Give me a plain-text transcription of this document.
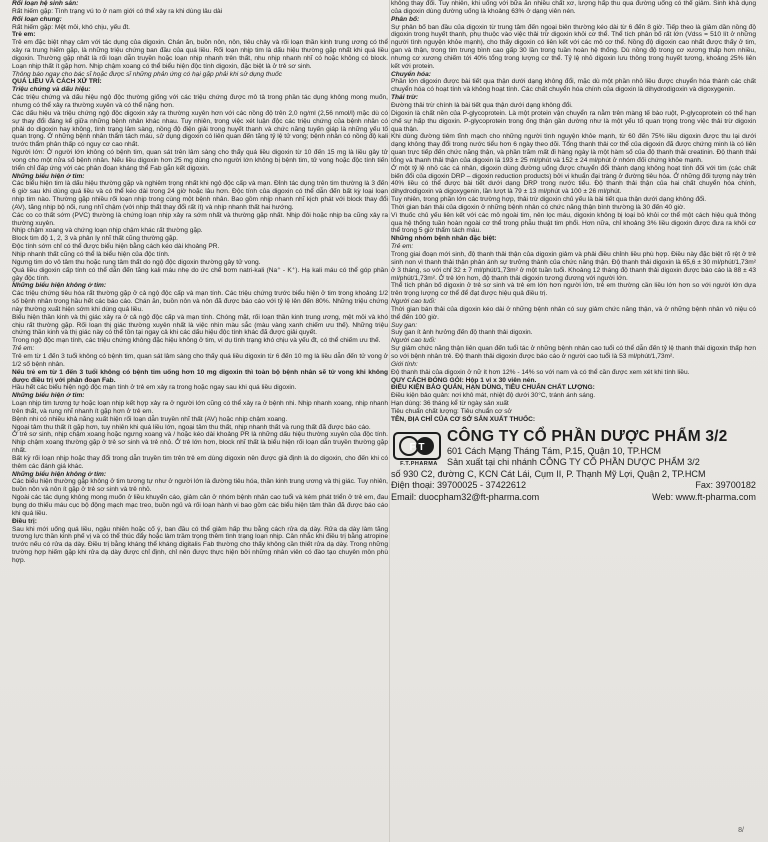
Rối loạn hệ sinh sản:

Rất hiếm gặp: Tình trạng vú to ở nam giới có thể xảy ra khi dùng lâu dài

Rối loạn chung:

Rất hiếm gặp: Mệt mỏi, khó chịu, yếu đt.

Trẻ em:

Trẻ em đặc biệt nhạy cảm với tác dụng của digoxin. Chán ăn, buồn nôn, nôn, tiêu chảy và rối loạn thần kinh trung ương có thể xảy ra trung hiếm gặp, là những triệu chứng ban đầu của quá liều. Rối loạn nhịp tim là dấu hiệu thường gặp nhất khi quá liều digoxin. Thường gặp nhất là rối loạn dẫn truyền hoặc loạn nhịp nhanh trên thất, nhu nhịp nhanh nhĩ có hoặc không có block. Loạn nhịp thất ít gặp hơn. Nhịp chậm xoang có thể biểu hiện độc tính digoxin, đặc biệt là ở trẻ sơ sinh.

Thông báo ngay cho bác sĩ hoặc được sĩ những phản ứng có hại gặp phải khi sử dụng thuốc

QUÁ LIỀU VÀ CÁCH XỬ TRÍ:

Triệu chứng và dấu hiệu:

Các triệu chứng và dấu hiệu ngộ độc thường giống với các triệu chứng được mô tả trong phần tác dụng không mong muốn, nhưng có thể xảy ra thường xuyên và có thể nặng hơn.

Các dấu hiệu và triệu chứng ngộ độc digoxin xảy ra thường xuyên hơn với các nồng độ trên 2,0 ng/ml (2,56 nmol/l) mặc dù có sự thay đổi đáng kể giữa những bệnh nhân khác nhau. Tuy nhiên, trong việc xét luận độc các triệu chứng của bệnh nhân có phải do digoxin hay không, tình trạng lâm sàng, nồng độ điện giải trong huyết thanh và chức năng tuyến giáp là những yếu tố quan trọng. Ở những bệnh nhân thẩm tách máu, sử dụng digoxin có liên quan đến tăng tỷ lệ tử vong; bệnh nhân có nồng độ kali trước thẩm phân thấp có nguy cơ cao nhất.

Người lớn: Ở người lớn không có bệnh tim, quan sát trên lâm sàng cho thấy quá liều digoxin từ 10 đến 15 mg là liều gây tử vong cho một nửa số bệnh nhân. Nếu liều digoxin hơn 25 mg dùng cho người lớn không bị bệnh tim, tử vong hoặc độc tính tiến triển chỉ đáp ứng với các phân đoạn kháng thể Fab gắn kết digoxin.

Những biểu hiện ở tim:

Các biểu hiện tim là dấu hiệu thường gặp và nghiêm trọng nhất khi ngộ độc cấp và mạn. Đỉnh tác dụng trên tim thường là 3 đến 6 giờ sau khi dùng quá liều và có thể kéo dài trong 24 giờ hoặc lâu hơn. Độc tính của digoxin có thể dẫn đến bất kỳ loại loạn nhịp tim nào. Thường gặp nhiều rối loạn nhịp trong cùng một bệnh nhân. Bao gồm nhịp nhanh nhĩ kịch phát với block thay đổi (AV), tăng nhịp bộ nối, rung nhĩ chậm (với nhịp thất thay đổi rất ít) và nhịp nhanh thất hai hướng.

Các co co thất sớm (PVC) thường là chứng loạn nhịp xảy ra sớm nhất và thường gặp nhất. Nhịp đôi hoặc nhịp ba cũng xảy ra thường xuyên.

Nhịp chậm xoang và chứng loạn nhịp chậm khác rất thường gặp.

Block tim độ 1, 2, 3 và phân ly nhĩ thất cũng thường gặp.

Độc tính sớm chỉ có thể được biểu hiện bằng cách kéo dài khoảng PR.

Nhịp nhanh thất cũng có thể là biểu hiện của độc tính.

Ngưng tim do vô tâm thu hoặc rung tâm thất do ngộ độc digoxin thường gây tử vong.

Quá liều digoxin cấp tính có thể dẫn đến tăng kali máu nhẹ do ức chế bơm natri-kali (Na⁺ - K⁺). Hạ kali máu có thể góp phần gây độc tính.

Những biểu hiện không ở tim:

Các triệu chứng tiêu hóa rất thường gặp ở cả ngộ độc cấp và mạn tính. Các triệu chứng trước biểu hiện ở tim trong khoảng 1/2 số bệnh nhân trong hầu hết các báo cáo. Chán ăn, buồn nôn và nôn đã được báo cáo với tỷ lệ lên đến 80%. Những triệu chứng này thường xuất hiện sớm khi dùng quá liều.

Biểu hiện thần kinh và thị giác xảy ra ở cả ngộ độc cấp và mạn tính. Chóng mặt, rối loạn thần kinh trung ương, mệt mỏi và khó chịu rất thường gặp. Rối loạn thị giác thường xuyên nhất là việc nhìn màu sắc (màu vàng xanh chiếm ưu thế). Những triệu chứng thần kinh và thị giác này có thể tồn tại ngay cả khi các dấu hiệu độc tính khác đã được giải quyết.

Trong ngộ độc mạn tính, các triệu chứng không đặc hiệu không ở tim, ví dụ tình trạng khó chịu và yếu đt, có thể chiếm ưu thế.

Trẻ em:

Trẻ em từ 1 đến 3 tuổi không có bệnh tim, quan sát lâm sàng cho thấy quá liều digoxin từ 6 đến 10 mg là liều dẫn đến tử vong ở 1/2 số bệnh nhân.

Nếu trẻ em từ 1 đến 3 tuổi không có bệnh tim uống hơn 10 mg digoxin thì toàn bộ bệnh nhân sẽ tử vong khi không được điều trị với phân đoạn Fab.

Hầu hết các biểu hiện ngộ độc mạn tính ở trẻ em xảy ra trong hoặc ngay sau khi quá liều digoxin.

Những biểu hiện ở tim:

Loạn nhịp tim tương tự hoặc loạn nhịp kết hợp xảy ra ở người lớn cũng có thể xảy ra ở bệnh nhi. Nhịp nhanh xoang, nhịp nhanh trên thất, và rung nhĩ nhanh ít gặp hơn ở trẻ em.

Bệnh nhi có nhiều khả năng xuất hiện rối loạn dẫn truyền nhĩ thất (AV) hoặc nhịp chậm xoang.

Ngoại tâm thu thất ít gặp hơn, tuy nhiên khi quá liều lớn, ngoại tâm thu thất, nhịp nhanh thất và rung thất đã được báo cáo.

Ở trẻ sơ sinh, nhịp chậm xoang hoặc ngưng xoang và / hoặc kéo dài khoảng PR là những dấu hiệu thường xuyên của độc tính. Nhịp chậm xoang thường gặp ở trẻ sơ sinh và trẻ nhỏ. Ở trẻ lớn hơn, block nhĩ thất là biểu hiện rối loạn dẫn truyền thường gặp nhất.

Bất kỳ rối loạn nhịp hoặc thay đổi trong dẫn truyền tim trên trẻ em dùng digoxin nên được giả định là do digoxin, cho đến khi có thêm các đánh giá khác.

Những biểu hiện không ở tim:

Các biểu hiện thường gặp không ở tim tương tự như ở người lớn là đường tiêu hóa, thần kinh trung ương và thị giác. Tuy nhiên, buồn nôn và nôn ít gặp ở trẻ sơ sinh và trẻ nhỏ.

Ngoài các tác dụng không mong muốn ở liều khuyến cáo, giảm cân ở nhóm bệnh nhân cao tuổi và kém phát triển ở trẻ em, đau bụng do thiếu máu cục bộ động mạch mạc treo, buồn ngủ và rối loạn hành vi bao gồm các biểu hiện tâm thần đã được báo cáo khi quá liều.

Điều trị:

Sau khi mới uống quá liều, ngậu nhiên hoặc cố ý, ban đầu có thể giảm hấp thu bằng cách rửa dạ dày. Rửa dạ dày làm tăng trương lực thần kinh phế vị và có thể thúc đẩy hoặc làm trầm trọng thêm tình trạng loạn nhịp. Cân nhắc khi điều trị bằng atropine trước nếu có rửa dạ dày. Điều trị bằng kháng thể kháng digitalis Fab thường cho thấy không cần thiết rửa dạ dày. Trong những trường hợp hiếm gặp khi rửa dạ dày được chỉ định, chỉ nên được thực hiện bởi những nhân viên có đào tạo chuyên môn phù hợp.

không thay đổi. Tuy nhiên, khi uống với bữa ăn nhiều chất xơ, lượng hấp thu qua đường uống có thể giảm. Sinh khả dụng của digoxin dùng đường uống là khoảng 63% ở dạng viên nén.

Phân bố:

Sự phân bố ban đầu của digoxin từ trung tâm đến ngoại biên thường kéo dài từ 6 đến 8 giờ. Tiếp theo là giảm dần nồng độ digoxin trong huyết thanh, phụ thuộc vào việc thải trừ digoxin khỏi cơ thể. Thể tích phân bố rất lớn (Vdss = 510 lít ở những người tình nguyện khỏe mạnh), cho thấy digoxin có liên kết với các mô cơ thể. Nồng độ digoxin cao nhất được thấy ở tim, gan và thận, trong tim trung bình cao gấp 30 lần trong tuần hoàn hệ thống. Dù nồng độ trong cơ xương thấp hơn nhiều, nhưng cơ xương chiếm tới 40% tổng trong lượng cơ thể. Tỷ lệ nhỏ digoxin lưu thông trong huyết tương, khoảng 25% liên kết với protein.

Chuyển hóa:

Phần lớn digoxin được bài tiết qua thận dưới dạng không đổi, mặc dù một phần nhỏ liều được chuyển hóa thành các chất chuyển hóa có hoạt tính và không hoạt tính. Các chất chuyển hóa chính của digoxin là dihydrodigoxin và digoxygenin.

Thải trừ:

Đường thải trừ chính là bài tiết qua thận dưới dạng không đổi.

Digoxin là chất nền của P-glycoprotein. Là một protein vận chuyển ra nằm trên màng tế bào ruột, P-glycoprotein có thể hạn chế sự hấp thu digoxin. P-glycoprotein trong ống thận gần dường như là một yếu tố quan trọng trong việc thải trừ digoxin qua thận.

Khi dùng đường tiêm tĩnh mạch cho những người tình nguyện khỏe mạnh, từ 60 đến 75% liều digoxin được thu lại dưới dạng không thay đổi trong nước tiểu hơn 6 ngày theo dõi. Tổng thanh thải cơ thể của digoxin đã được chứng minh là có liên quan trực tiếp đến chức năng thận, và phần trăm mất đi hàng ngày là một hàm số của độ thanh thải creatinin. Độ thanh thải tổng và thanh thải thận của digoxin là 193 ± 25 ml/phút và 152 ± 24 ml/phút ở nhóm đối chứng khỏe mạnh.

Ở một tỷ lệ nhỏ các cá nhân, digoxin dùng đường uống được chuyển đổi thành dạng không hoạt tính đối với tim (các chất biến đổi của digoxin DRP – digoxin reduction products) bởi vi khuẩn đại tràng ở đường tiêu hóa. Ở những đối tượng này trên 40% liều có thể được bài tiết dưới dạng DRP trong nước tiểu. Độ thanh thải thận của hai chất chuyển hóa chính, dihydrodigoxin và digoxygenin, lần lượt là 79 ± 13 ml/phút và 100 ± 26 ml/phút.

Tuy nhiên, trong phần lớn các trường hợp, thải trừ digoxin chủ yếu là bài tiết qua thận dưới dạng không đổi.

Thời gian bán thải của digoxin ở những bệnh nhân có chức năng thận bình thường là 30 đến 40 giờ.

Vì thuốc chủ yếu liên kết với các mô ngoài tim, nên lọc máu, digoxin không bị loại bỏ khỏi cơ thể một cách hiệu quả thông qua hệ thống tuần hoàn ngoài cơ thể trong phẫu thuật tim phổi. Hơn nữa, chỉ khoảng 3% liều digoxin được đưa ra khỏi cơ thể trong 5 giờ thẩm tách máu.

Những nhóm bệnh nhân đặc biệt:

Trẻ em:

Trong giai đoạn mới sinh, độ thanh thải thận của digoxin giảm và phải điều chỉnh liều phù hợp. Điều này đặc biệt rõ rệt ở trẻ sinh non vì thanh thải thận phản ánh sự trưởng thành của chức năng thận. Độ thanh thải digoxin là 65,6 ± 30 ml/phút/1,73m² ở 3 tháng, so với chỉ 32 ± 7 ml/phút/1,73m² ở một tuần tuổi. Khoảng 12 tháng độ thanh thải digoxin được báo cáo là 88 ± 43 ml/phút/1,73m². Ở trẻ lớn hơn, độ thanh thải digoxin tương đương với người lớn.

Thể tích phân bố digoxin ở trẻ sơ sinh và trẻ em lớn hơn người lớn, trẻ em thường cần liều lớn hơn so với người lớn dựa trên trọng lượng cơ thể để đạt được hiệu quả điều trị.

Người cao tuổi:

Thời gian bán thải của digoxin kéo dài ở những bệnh nhân có suy giảm chức năng thận, và ở những bệnh nhân vô niệu có thể đến 100 giờ.

Suy gan:

Suy gan ít ảnh hưởng đến độ thanh thải digoxin.

Người cao tuổi:

Sự giảm chức năng thận liên quan đến tuổi tác ở những bệnh nhân cao tuổi có thể dẫn đến tỷ lệ thanh thải digoxin thấp hơn so với bệnh nhân trẻ. Độ thanh thải digoxin được báo cáo ở người cao tuổi là 53 ml/phút/1,73m².

Giới tính:

Độ thanh thải của digoxin ở nữ ít hơn 12% - 14% so với nam và có thể cần được xem xét khi tính liều.

QUY CÁCH ĐÓNG GÓI: Hộp 1 vỉ x 30 viên nén.

ĐIỀU KIỆN BẢO QUẢN, HẠN DÙNG, TIÊU CHUẨN CHẤT LƯỢNG:

Điều kiện bảo quản: nơi khô mát, nhiệt độ dưới 30°C, tránh ánh sáng.

Hạn dùng: 36 tháng kể từ ngày sản xuất

Tiêu chuẩn chất lượng: Tiêu chuẩn cơ sở

TÊN, ĐỊA CHỈ CỦA CƠ SỞ SẢN XUẤT THUỐC:

F T
F.T.PHARMA
CÔNG TY CỔ PHẦN DƯỢC PHẨM 3/2
601 Cách Mạng Tháng Tám, P.15, Quận 10, TP.HCM
Sản xuất tại chi nhánh CÔNG TY CỔ PHẦN DƯỢC PHẨM 3/2
số 930 C2, đường C, KCN Cát Lái, Cụm II, P. Thạnh Mỹ Lợi, Quận 2, TP.HCM
Điện thoại: 39700025 - 37422612	Fax: 39700182
Email: duocpham32@ft-pharma.com	Web: www.ft-pharma.com
8/
